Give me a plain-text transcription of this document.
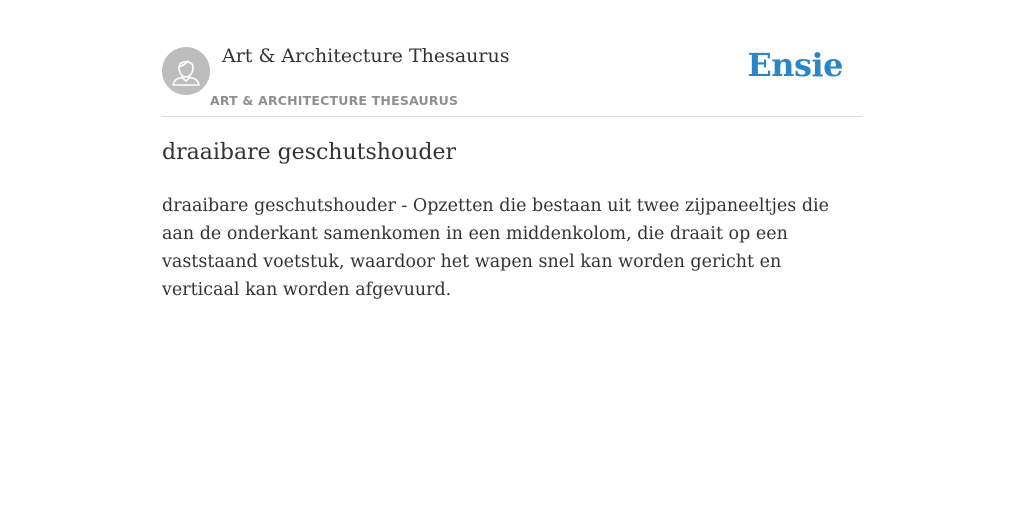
Art & Architecture Thesaurus
ART & ARCHITECTURE THESAURUS
Ensie
draaibare geschutshouder

draaibare geschutshouder - Opzetten die bestaan uit twee zijpaneeltjes die aan de onderkant samenkomen in een middenkolom, die draait op een vaststaand voetstuk, waardoor het wapen snel kan worden gericht en verticaal kan worden afgevuurd.
